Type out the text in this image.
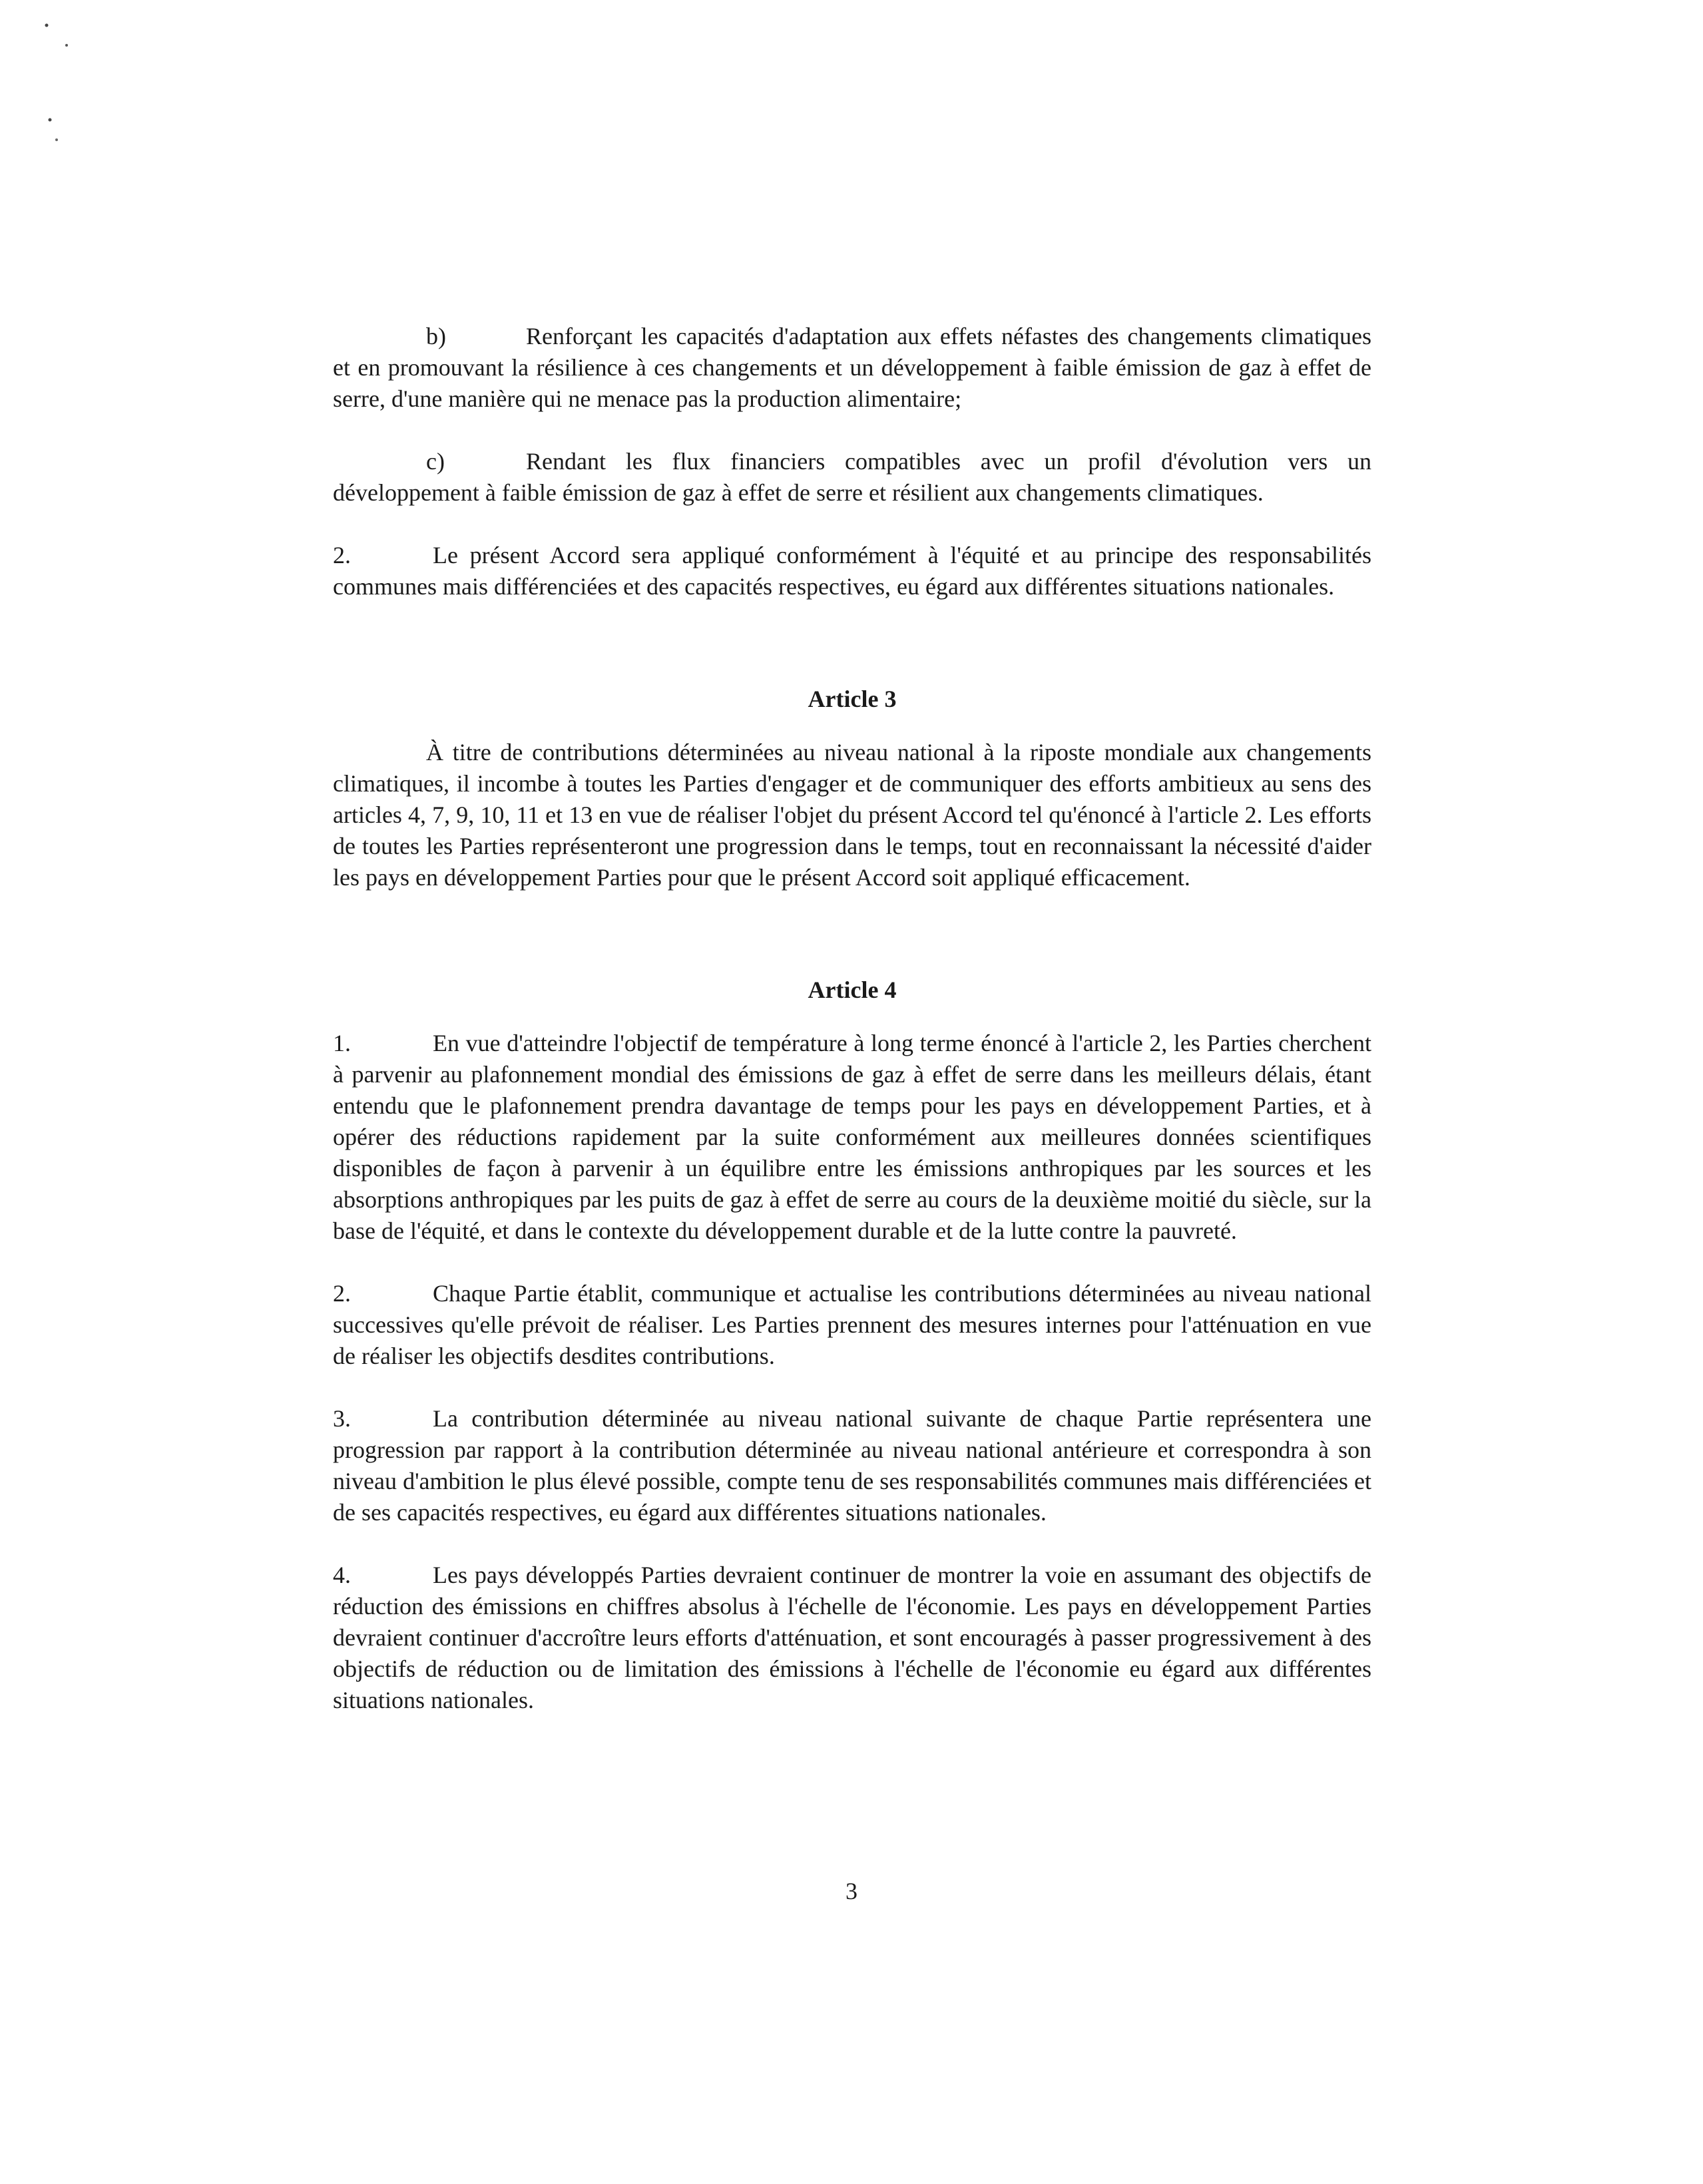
b)	Renforçant les capacités d'adaptation aux effets néfastes des changements climatiques et en promouvant la résilience à ces changements et un développement à faible émission de gaz à effet de serre, d'une manière qui ne menace pas la production alimentaire;

c)	Rendant les flux financiers compatibles avec un profil d'évolution vers un développement à faible émission de gaz à effet de serre et résilient aux changements climatiques.

2.	Le présent Accord sera appliqué conformément à l'équité et au principe des responsabilités communes mais différenciées et des capacités respectives, eu égard aux différentes situations nationales.

Article 3

À titre de contributions déterminées au niveau national à la riposte mondiale aux changements climatiques, il incombe à toutes les Parties d'engager et de communiquer des efforts ambitieux au sens des articles 4, 7, 9, 10, 11 et 13 en vue de réaliser l'objet du présent Accord tel qu'énoncé à l'article 2. Les efforts de toutes les Parties représenteront une progression dans le temps, tout en reconnaissant la nécessité d'aider les pays en développement Parties pour que le présent Accord soit appliqué efficacement.

Article 4

1.	En vue d'atteindre l'objectif de température à long terme énoncé à l'article 2, les Parties cherchent à parvenir au plafonnement mondial des émissions de gaz à effet de serre dans les meilleurs délais, étant entendu que le plafonnement prendra davantage de temps pour les pays en développement Parties, et à opérer des réductions rapidement par la suite conformément aux meilleures données scientifiques disponibles de façon à parvenir à un équilibre entre les émissions anthropiques par les sources et les absorptions anthropiques par les puits de gaz à effet de serre au cours de la deuxième moitié du siècle, sur la base de l'équité, et dans le contexte du développement durable et de la lutte contre la pauvreté.

2.	Chaque Partie établit, communique et actualise les contributions déterminées au niveau national successives qu'elle prévoit de réaliser. Les Parties prennent des mesures internes pour l'atténuation en vue de réaliser les objectifs desdites contributions.

3.	La contribution déterminée au niveau national suivante de chaque Partie représentera une progression par rapport à la contribution déterminée au niveau national antérieure et correspondra à son niveau d'ambition le plus élevé possible, compte tenu de ses responsabilités communes mais différenciées et de ses capacités respectives, eu égard aux différentes situations nationales.

4.	Les pays développés Parties devraient continuer de montrer la voie en assumant des objectifs de réduction des émissions en chiffres absolus à l'échelle de l'économie. Les pays en développement Parties devraient continuer d'accroître leurs efforts d'atténuation, et sont encouragés à passer progressivement à des objectifs de réduction ou de limitation des émissions à l'échelle de l'économie eu égard aux différentes situations nationales.

3
